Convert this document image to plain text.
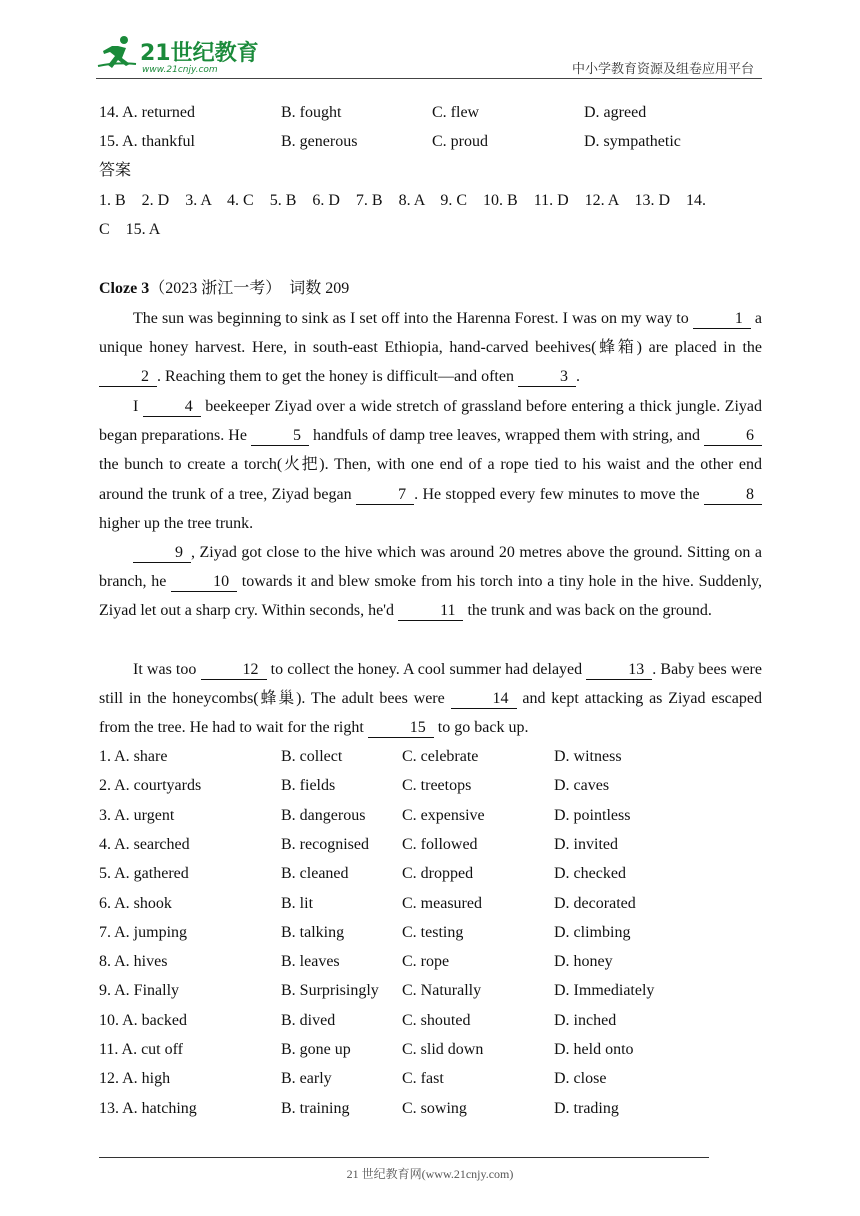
21世纪教育
www.21cnjy.com	中小学教育资源及组卷应用平台
14. A. returned	B. fought	C. flew	D. agreed
15. A. thankful	B. generous	C. proud	D. sympathetic
答案
1. B    2. D    3. A    4. C    5. B    6. D    7. B    8. A    9. C    10. B    11. D    12. A    13. D    14.
C    15. A
Cloze 3（2023 浙江一考）　词数 209
The sun was beginning to sink as I set off into the Harenna Forest. I was on my way to	1 a unique honey harvest. Here, in south-east Ethiopia, hand-carved beehives(蜂箱) are placed in the 2 . Reaching them to get the honey is difficult—and often	3 .
I	4 beekeeper Ziyad over a wide stretch of grassland before entering a thick jungle. Ziyad began preparations. He	5 handfuls of damp tree leaves, wrapped them with string, and	6 the bunch to create a torch(火把). Then, with one end of a rope tied to his waist and the other end around the trunk of a tree, Ziyad began	7 . He stopped every few minutes to move the	8 higher up the tree trunk.
9 , Ziyad got close to the hive which was around 20 metres above the ground. Sitting on a branch, he	10 towards it and blew smoke from his torch into a tiny hole in the hive. Suddenly, Ziyad let out a sharp cry. Within seconds, he'd	11 the trunk and was back on the ground.
It was too	12 to collect the honey. A cool summer had delayed	13 . Baby bees were still in the honeycombs(蜂巢). The adult bees were	14 and kept attacking as Ziyad escaped from the tree. He had to wait for the right	15 to go back up.
1. A. share	B. collect	C. celebrate	D. witness
2. A. courtyards	B. fields	C. treetops	D. caves
3. A. urgent	B. dangerous C. expensive	D. pointless
4. A. searched	B. recognised C. followed	D. invited
5. A. gathered	B. cleaned	C. dropped	D. checked
6. A. shook	B. lit	C. measured	D. decorated
7. A. jumping	B. talking	C. testing	D. climbing
8. A. hives	B. leaves	C. rope	D. honey
9. A. Finally	B. Surprisingly C. Naturally	D. Immediately
10. A. backed	B. dived	C. shouted	D. inched
11. A. cut off	B. gone up	C. slid down	D. held onto
12. A. high	B. early	C. fast	D. close
13. A. hatching	B. training	C. sowing	D. trading
21 世纪教育网(www.21cnjy.com)
